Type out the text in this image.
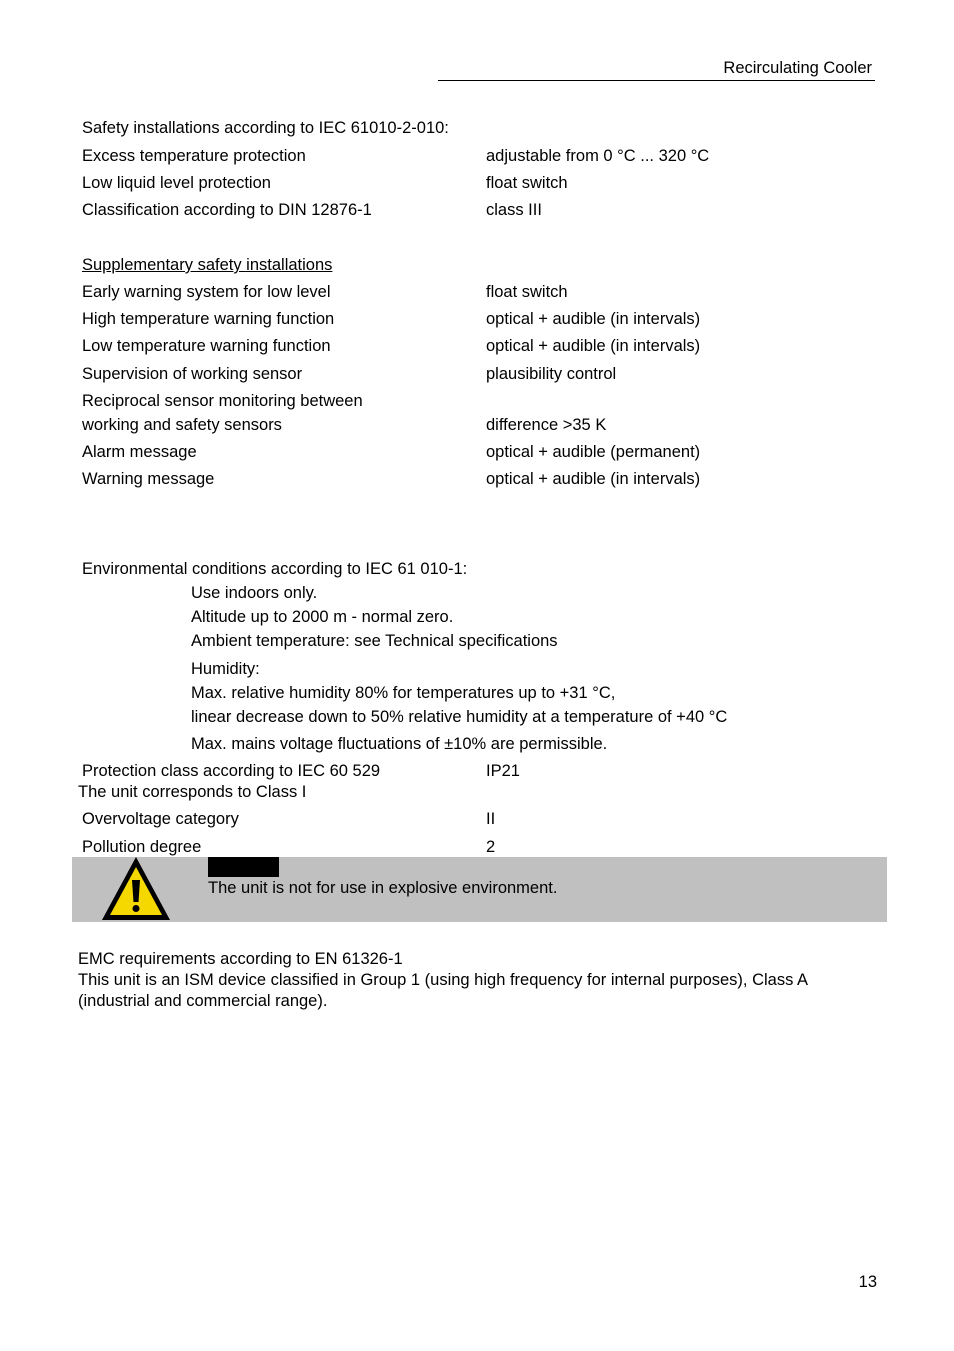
Recirculating Cooler
Safety installations according to IEC 61010-2-010:
Excess temperature protection	adjustable from 0 °C ... 320 °C
Low liquid level protection	float switch
Classification according to DIN 12876-1	class III
Supplementary safety installations
Early warning system for low level	float switch
High temperature warning function	optical + audible (in intervals)
Low temperature warning function	optical + audible (in intervals)
Supervision of working sensor	plausibility control
Reciprocal sensor monitoring between
working and safety sensors	difference >35 K
Alarm message	optical + audible (permanent)
Warning message	optical + audible (in intervals)
Environmental conditions according to IEC 61 010-1:
Use indoors only.
Altitude up to 2000 m - normal zero.
Ambient temperature: see Technical specifications
Humidity:
Max. relative humidity 80% for temperatures up to +31 °C,
linear decrease down to 50% relative humidity at a temperature of +40 °C
Max. mains voltage fluctuations of ±10% are permissible.
Protection class according to IEC 60 529	IP21
The unit corresponds to Class I
Overvoltage category	II
Pollution degree	2
The unit is not for use in explosive environment.
EMC requirements according to EN 61326-1
This unit is an ISM device classified in Group 1 (using high frequency for internal purposes), Class A
(industrial and commercial range).
13
